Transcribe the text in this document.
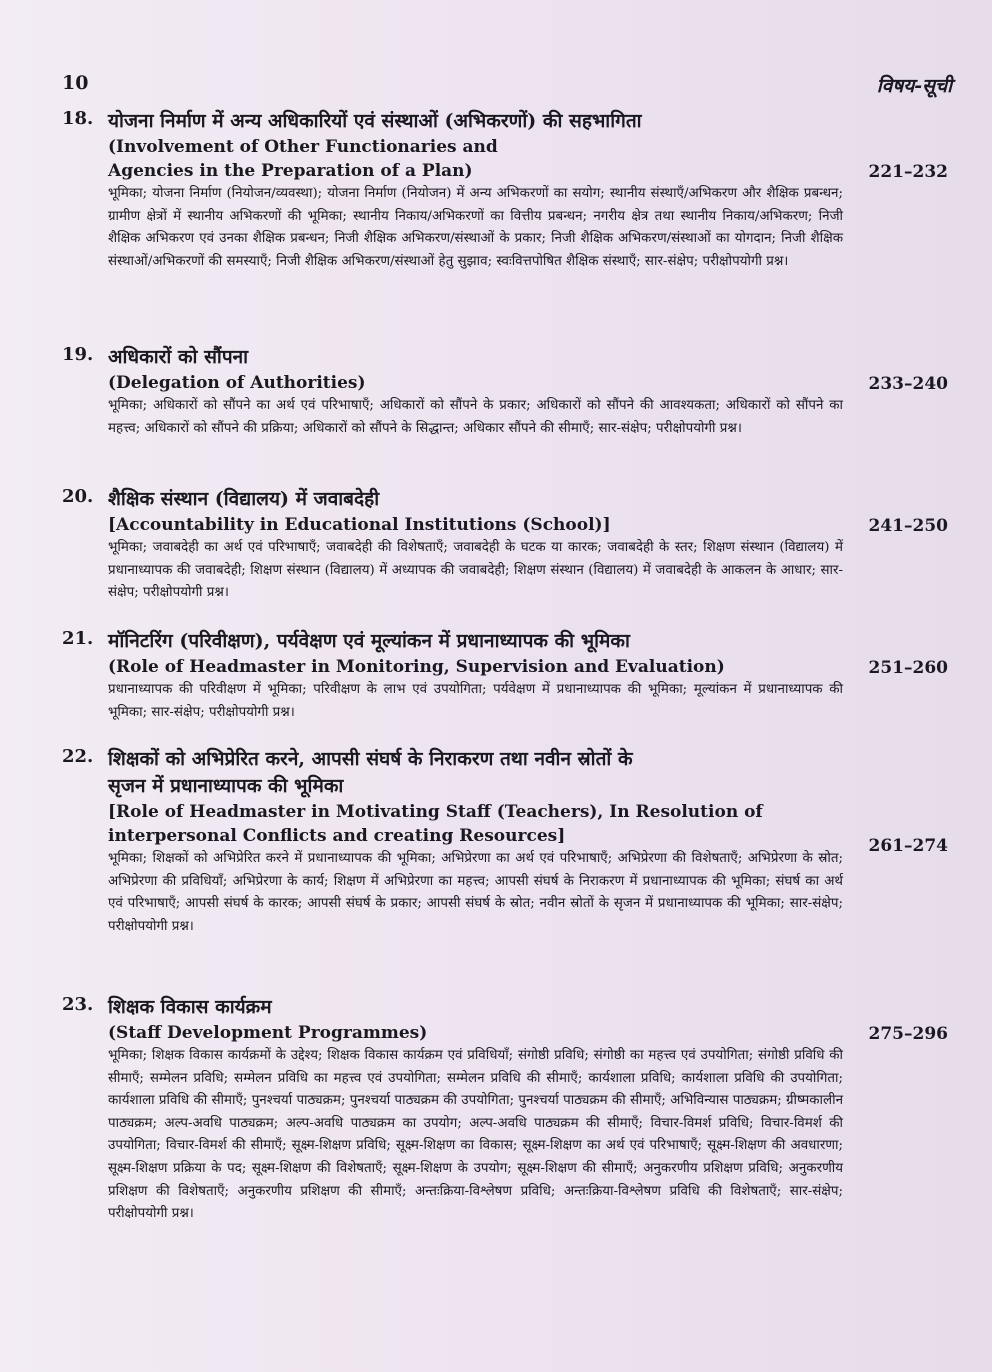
10	विषय-सूची
18. योजना निर्माण में अन्य अधिकारियों एवं संस्थाओं (अभिकरणों) की सहभागिता
(Involvement of Other Functionaries and Agencies in the Preparation of a Plan)	221–232
भूमिका; योजना निर्माण (नियोजन/व्यवस्था); योजना निर्माण (नियोजन) में अन्य अभिकरणों का सयोग; स्थानीय संस्थाएँ/अभिकरण और शैक्षिक प्रबन्धन; ग्रामीण क्षेत्रों में स्थानीय अभिकरणों की भूमिका; स्थानीय निकाय/अभिकरणों का वित्तीय प्रबन्धन; नगरीय क्षेत्र तथा स्थानीय निकाय/अभिकरण; निजी शैक्षिक अभिकरण एवं उनका शैक्षिक प्रबन्धन; निजी शैक्षिक अभिकरण/संस्थाओं के प्रकार; निजी शैक्षिक अभिकरण/संस्थाओं का योगदान; निजी शैक्षिक संस्थाओं/अभिकरणों की समस्याएँ; निजी शैक्षिक अभिकरण/संस्थाओं हेतु सुझाव; स्वःवित्तपोषित शैक्षिक संस्थाएँ; सार-संक्षेप; परीक्षोपयोगी प्रश्न।
19. अधिकारों को सौंपना
(Delegation of Authorities)	233–240
भूमिका; अधिकारों को सौंपने का अर्थ एवं परिभाषाएँ; अधिकारों को सौंपने के प्रकार; अधिकारों को सौंपने की आवश्यकता; अधिकारों को सौंपने का महत्त्व; अधिकारों को सौंपने की प्रक्रिया; अधिकारों को सौंपने के सिद्धान्त; अधिकार सौंपने की सीमाएँ; सार-संक्षेप; परीक्षोपयोगी प्रश्न।
20. शैक्षिक संस्थान (विद्यालय) में जवाबदेही
[Accountability in Educational Institutions (School)]	241–250
भूमिका; जवाबदेही का अर्थ एवं परिभाषाएँ; जवाबदेही की विशेषताएँ; जवाबदेही के घटक या कारक; जवाबदेही के स्तर; शिक्षण संस्थान (विद्यालय) में प्रधानाध्यापक की जवाबदेही; शिक्षण संस्थान (विद्यालय) में अध्यापक की जवाबदेही; शिक्षण संस्थान (विद्यालय) में जवाबदेही के आकलन के आधार; सार-संक्षेप; परीक्षोपयोगी प्रश्न।
21. मॉनिटरिंग (परिवीक्षण), पर्यवेक्षण एवं मूल्यांकन में प्रधानाध्यापक की भूमिका
(Role of Headmaster in Monitoring, Supervision and Evaluation)	251–260
प्रधानाध्यापक की परिवीक्षण में भूमिका; परिवीक्षण के लाभ एवं उपयोगिता; पर्यवेक्षण में प्रधानाध्यापक की भूमिका; मूल्यांकन में प्रधानाध्यापक की भूमिका; सार-संक्षेप; परीक्षोपयोगी प्रश्न।
22. शिक्षकों को अभिप्रेरित करने, आपसी संघर्ष के निराकरण तथा नवीन स्रोतों के सृजन में प्रधानाध्यापक की भूमिका
[Role of Headmaster in Motivating Staff (Teachers), In Resolution of interpersonal Conflicts and creating Resources]	261–274
भूमिका; शिक्षकों को अभिप्रेरित करने में प्रधानाध्यापक की भूमिका; अभिप्रेरणा का अर्थ एवं परिभाषाएँ; अभिप्रेरणा की विशेषताएँ; अभिप्रेरणा के स्रोत; अभिप्रेरणा की प्रविधियाँ; अभिप्रेरणा के कार्य; शिक्षण में अभिप्रेरणा का महत्त्व; आपसी संघर्ष के निराकरण में प्रधानाध्यापक की भूमिका; संघर्ष का अर्थ एवं परिभाषाएँ; आपसी संघर्ष के कारक; आपसी संघर्ष के प्रकार; आपसी संघर्ष के स्रोत; नवीन स्रोतों के सृजन में प्रधानाध्यापक की भूमिका; सार-संक्षेप; परीक्षोपयोगी प्रश्न।
23. शिक्षक विकास कार्यक्रम
(Staff Development Programmes)	275–296
भूमिका; शिक्षक विकास कार्यक्रमों के उद्देश्य; शिक्षक विकास कार्यक्रम एवं प्रविधियाँ; संगोष्ठी प्रविधि; संगोष्ठी का महत्त्व एवं उपयोगिता; संगोष्ठी प्रविधि की सीमाएँ; सम्मेलन प्रविधि; सम्मेलन प्रविधि का महत्त्व एवं उपयोगिता; सम्मेलन प्रविधि की सीमाएँ; कार्यशाला प्रविधि; कार्यशाला प्रविधि की उपयोगिता; कार्यशाला प्रविधि की सीमाएँ; पुनश्चर्या पाठ्यक्रम; पुनश्चर्या पाठ्यक्रम की उपयोगिता; पुनश्चर्या पाठ्यक्रम की सीमाएँ; अभिविन्यास पाठ्यक्रम; ग्रीष्मकालीन पाठ्यक्रम; अल्प-अवधि पाठ्यक्रम; अल्प-अवधि पाठ्यक्रम का उपयोग; अल्प-अवधि पाठ्यक्रम की सीमाएँ; विचार-विमर्श प्रविधि; विचार-विमर्श की उपयोगिता; विचार-विमर्श की सीमाएँ; सूक्ष्म-शिक्षण प्रविधि; सूक्ष्म-शिक्षण का विकास; सूक्ष्म-शिक्षण का अर्थ एवं परिभाषाएँ; सूक्ष्म-शिक्षण की अवधारणा; सूक्ष्म-शिक्षण प्रक्रिया के पद; सूक्ष्म-शिक्षण की विशेषताएँ; सूक्ष्म-शिक्षण के उपयोग; सूक्ष्म-शिक्षण की सीमाएँ; अनुकरणीय प्रशिक्षण प्रविधि; अनुकरणीय प्रशिक्षण की विशेषताएँ; अनुकरणीय प्रशिक्षण की सीमाएँ; अन्तःक्रिया-विश्लेषण प्रविधि; अन्तःक्रिया-विश्लेषण प्रविधि की विशेषताएँ; सार-संक्षेप; परीक्षोपयोगी प्रश्न।
